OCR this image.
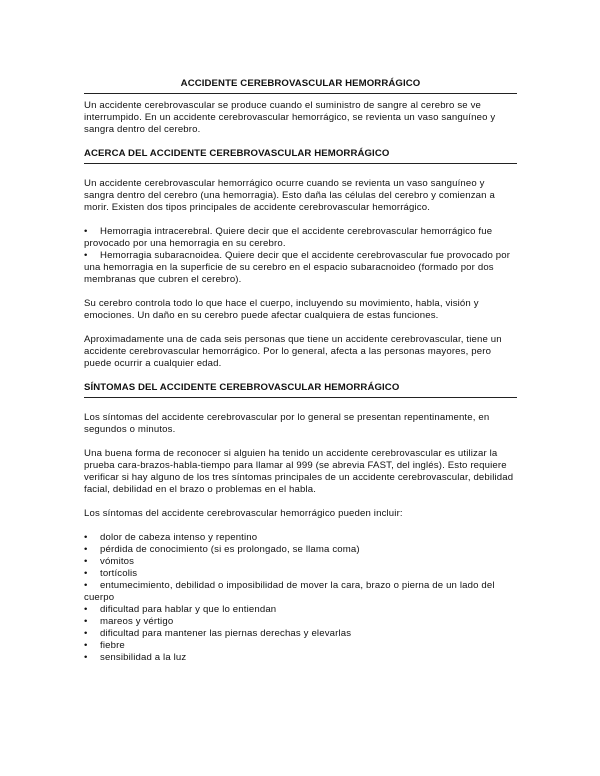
ACCIDENTE CEREBROVASCULAR HEMORRÁGICO

Un accidente cerebrovascular se produce cuando el suministro de sangre al cerebro se ve interrumpido. En un accidente cerebrovascular hemorrágico, se revienta un vaso sanguíneo y sangra dentro del cerebro.

ACERCA DEL ACCIDENTE CEREBROVASCULAR HEMORRÁGICO

Un accidente cerebrovascular hemorrágico ocurre cuando se revienta un vaso sanguíneo y sangra dentro del cerebro (una hemorragia). Esto daña las células del cerebro y comienzan a morir. Existen dos tipos principales de accidente cerebrovascular hemorrágico.

• Hemorragia intracerebral. Quiere decir que el accidente cerebrovascular hemorrágico fue provocado por una hemorragia en su cerebro.
• Hemorragia subaracnoidea. Quiere decir que el accidente cerebrovascular fue provocado por una hemorragia en la superficie de su cerebro en el espacio subaracnoideo (formado por dos membranas que cubren el cerebro).

Su cerebro controla todo lo que hace el cuerpo, incluyendo su movimiento, habla, visión y emociones. Un daño en su cerebro puede afectar cualquiera de estas funciones.

Aproximadamente una de cada seis personas que tiene un accidente cerebrovascular, tiene un accidente cerebrovascular hemorrágico. Por lo general, afecta a las personas mayores, pero puede ocurrir a cualquier edad.

SÍNTOMAS DEL ACCIDENTE CEREBROVASCULAR HEMORRÁGICO

Los síntomas del accidente cerebrovascular por lo general se presentan repentinamente, en segundos o minutos.

Una buena forma de reconocer si alguien ha tenido un accidente cerebrovascular es utilizar la prueba cara-brazos-habla-tiempo para llamar al 999 (se abrevia FAST, del inglés). Esto requiere verificar si hay alguno de los tres síntomas principales de un accidente cerebrovascular, debilidad facial, debilidad en el brazo o problemas en el habla.

Los síntomas del accidente cerebrovascular hemorrágico pueden incluir:

• dolor de cabeza intenso y repentino
• pérdida de conocimiento (si es prolongado, se llama coma)
• vómitos
• tortícolis
• entumecimiento, debilidad o imposibilidad de mover la cara, brazo o pierna de un lado del cuerpo
• dificultad para hablar y que lo entiendan
• mareos y vértigo
• dificultad para mantener las piernas derechas y elevarlas
• fiebre
• sensibilidad a la luz
